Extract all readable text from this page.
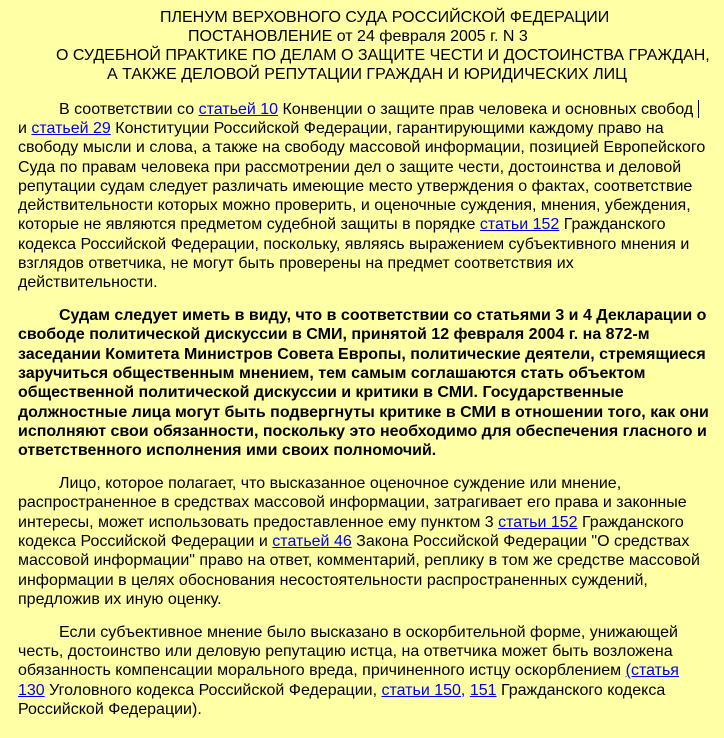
ПЛЕНУМ ВЕРХОВНОГО СУДА РОССИЙСКОЙ ФЕДЕРАЦИИ
ПОСТАНОВЛЕНИЕ от 24 февраля 2005 г. N 3
О СУДЕБНОЙ ПРАКТИКЕ ПО ДЕЛАМ О ЗАЩИТЕ ЧЕСТИ И ДОСТОИНСТВА ГРАЖДАН,
А ТАКЖЕ ДЕЛОВОЙ РЕПУТАЦИИ ГРАЖДАН И ЮРИДИЧЕСКИХ ЛИЦ
В соответствии со статьей 10 Конвенции о защите прав человека и основных свобод
и статьей 29 Конституции Российской Федерации, гарантирующими каждому право на
свободу мысли и слова, а также на свободу массовой информации, позицией Европейского
Суда по правам человека при рассмотрении дел о защите чести, достоинства и деловой
репутации судам следует различать имеющие место утверждения о фактах, соответствие
действительности которых можно проверить, и оценочные суждения, мнения, убеждения,
которые не являются предметом судебной защиты в порядке статьи 152 Гражданского
кодекса Российской Федерации, поскольку, являясь выражением субъективного мнения и
взглядов ответчика, не могут быть проверены на предмет соответствия их
действительности.
Судам следует иметь в виду, что в соответствии со статьями 3 и 4 Декларации о
свободе политической дискуссии в СМИ, принятой 12 февраля 2004 г. на 872-м
заседании Комитета Министров Совета Европы, политические деятели, стремящиеся
заручиться общественным мнением, тем самым соглашаются стать объектом
общественной политической дискуссии и критики в СМИ. Государственные
должностные лица могут быть подвергнуты критике в СМИ в отношении того, как они
исполняют свои обязанности, поскольку это необходимо для обеспечения гласного и
ответственного исполнения ими своих полномочий.
Лицо, которое полагает, что высказанное оценочное суждение или мнение,
распространенное в средствах массовой информации, затрагивает его права и законные
интересы, может использовать предоставленное ему пунктом 3 статьи 152 Гражданского
кодекса Российской Федерации и статьей 46 Закона Российской Федерации "О средствах
массовой информации" право на ответ, комментарий, реплику в том же средстве массовой
информации в целях обоснования несостоятельности распространенных суждений,
предложив их иную оценку.
Если субъективное мнение было высказано в оскорбительной форме, унижающей
честь, достоинство или деловую репутацию истца, на ответчика может быть возложена
обязанность компенсации морального вреда, причиненного истцу оскорблением (статья
130 Уголовного кодекса Российской Федерации, статьи 150, 151 Гражданского кодекса
Российской Федерации).
